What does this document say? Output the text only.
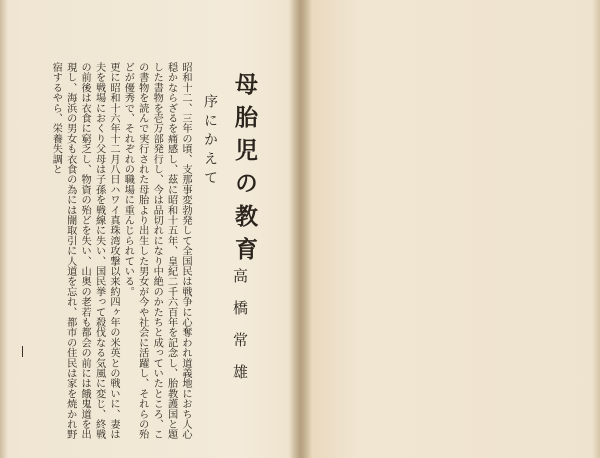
母胎児の教育
高橋常雄
序にかえて

昭和十二、三年の頃、支那事変勃発して全国民は戦争に心奪われ道義地におち人心穏かならざるを痛感し、茲に昭和十五年、皇紀二千六百年を記念し、胎教護国と題した書物を壱万部発行し、今は品切れになり中絶のかたちと成っていたところ、この書物を読んで実行された母胎より出生した男女が今や社会に活躍し、それらの殆どが優秀で、それぞれの職場に重んじられている。

更に昭和十六年十二月八日ハワイ真珠湾攻撃以来約四ヶ年の米英との戦いに、妻は夫を戦場におくり父母は子孫を戦線に失い、国民挙って殺伐なる気風に変じ、終戦の前後は衣食に窮乏し、物資の殆どを失い、山奥の老若も都会の前には餓鬼道を出現し、海浜の男女も衣食の為には闇取引に人道を忘れ、都市の住民は家を焼かれ野宿するやら、栄養失調と
